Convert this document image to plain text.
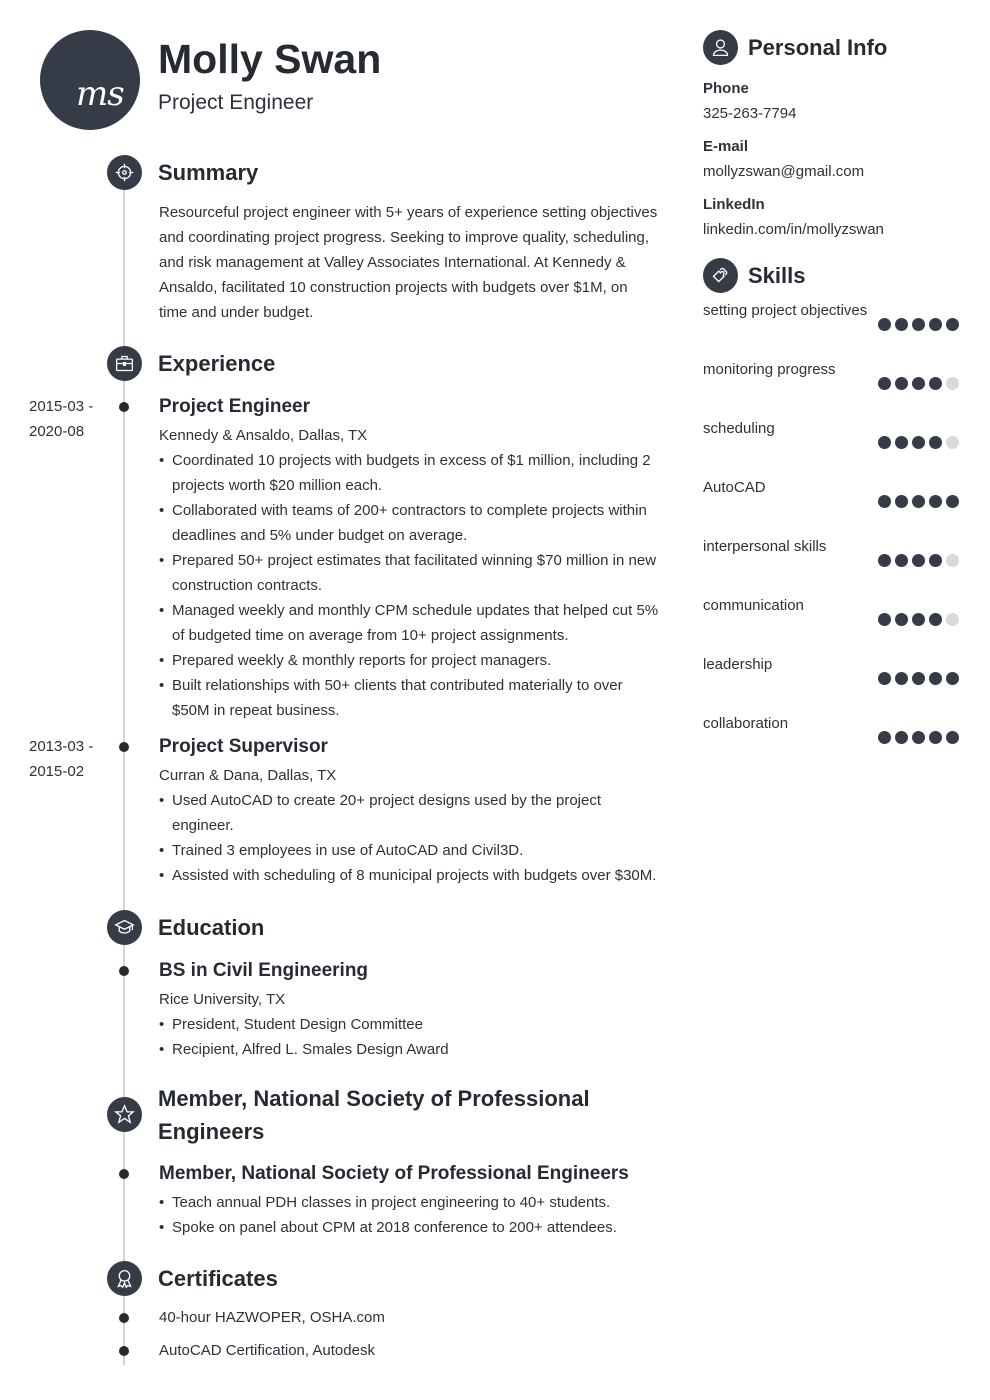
ms
Molly Swan
Project Engineer
Summary

Resourceful project engineer with 5+ years of experience setting objectives and coordinating project progress. Seeking to improve quality, scheduling, and risk management at Valley Associates International. At Kennedy & Ansaldo, facilitated 10 construction projects with budgets over $1M, on time and under budget.

Experience
2015-03 - 2020-08
Project Engineer
Kennedy & Ansaldo, Dallas, TX
• Coordinated 10 projects with budgets in excess of $1 million, including 2 projects worth $20 million each.
• Collaborated with teams of 200+ contractors to complete projects within deadlines and 5% under budget on average.
• Prepared 50+ project estimates that facilitated winning $70 million in new construction contracts.
• Managed weekly and monthly CPM schedule updates that helped cut 5% of budgeted time on average from 10+ project assignments.
• Prepared weekly & monthly reports for project managers.
• Built relationships with 50+ clients that contributed materially to over $50M in repeat business.
2013-03 - 2015-02
Project Supervisor
Curran & Dana, Dallas, TX
• Used AutoCAD to create 20+ project designs used by the project engineer.
• Trained 3 employees in use of AutoCAD and Civil3D.
• Assisted with scheduling of 8 municipal projects with budgets over $30M.
Education
BS in Civil Engineering
Rice University, TX
• President, Student Design Committee
• Recipient, Alfred L. Smales Design Award
Member, National Society of Professional Engineers
Member, National Society of Professional Engineers
• Teach annual PDH classes in project engineering to 40+ students.
• Spoke on panel about CPM at 2018 conference to 200+ attendees.
Certificates
40-hour HAZWOPER, OSHA.com
AutoCAD Certification, Autodesk
Personal Info
Phone
325-263-7794
E-mail
mollyzswan@gmail.com
LinkedIn
linkedin.com/in/mollyzswan
Skills
setting project objectives
monitoring progress
scheduling
AutoCAD
interpersonal skills
communication
leadership
collaboration
